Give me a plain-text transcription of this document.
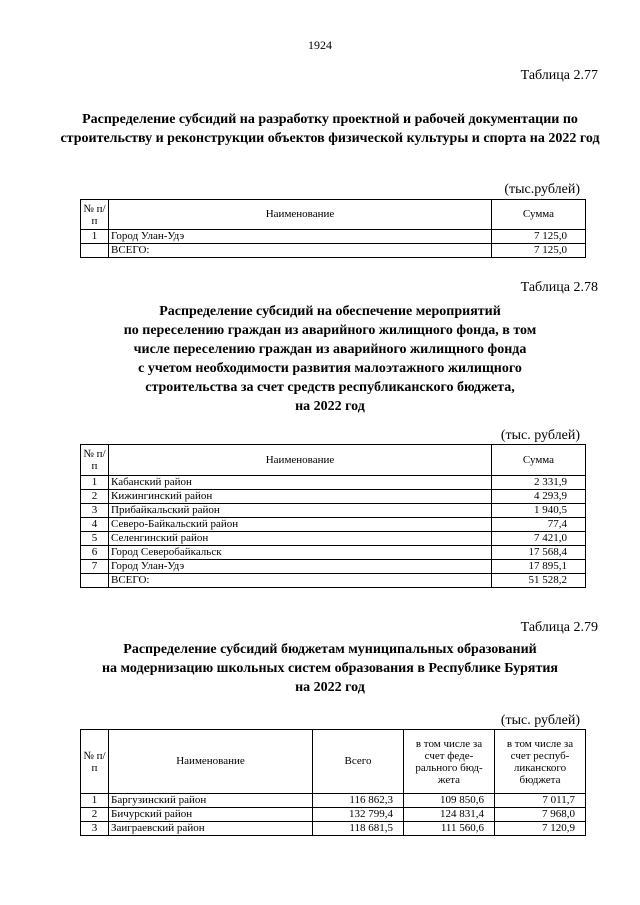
1924
Таблица 2.77
Распределение субсидий на разработку проектной и рабочей документации по строительству и реконструкции объектов физической культуры и спорта на 2022 год
(тыс.рублей)
№ п/п	Наименование	Сумма
1	Город Улан-Удэ	7 125,0
	ВСЕГО:	7 125,0
Таблица 2.78
Распределение субсидий на обеспечение мероприятий
по переселению граждан из аварийного жилищного фонда, в том
числе переселению граждан из аварийного жилищного фонда
с учетом необходимости развития малоэтажного жилищного
строительства за счет средств республиканского бюджета,
на 2022 год
(тыс. рублей)
№ п/п	Наименование	Сумма
1	Кабанский район	2 331,9
2	Кижингинский район	4 293,9
3	Прибайкальский район	1 940,5
4	Северо-Байкальский район	77,4
5	Селенгинский район	7 421,0
6	Город Северобайкальск	17 568,4
7	Город Улан-Удэ	17 895,1
	ВСЕГО:	51 528,2
Таблица 2.79
Распределение субсидий бюджетам муниципальных образований
на модернизацию школьных систем образования в Республике Бурятия
на 2022 год
(тыс. рублей)
№ п/п	Наименование	Всего	в том числе за счет феде-рального бюд-жета	в том числе за счет респуб-ликанского бюджета
1	Баргузинский район	116 862,3	109 850,6	7 011,7
2	Бичурский район	132 799,4	124 831,4	7 968,0
3	Заиграевский район	118 681,5	111 560,6	7 120,9
